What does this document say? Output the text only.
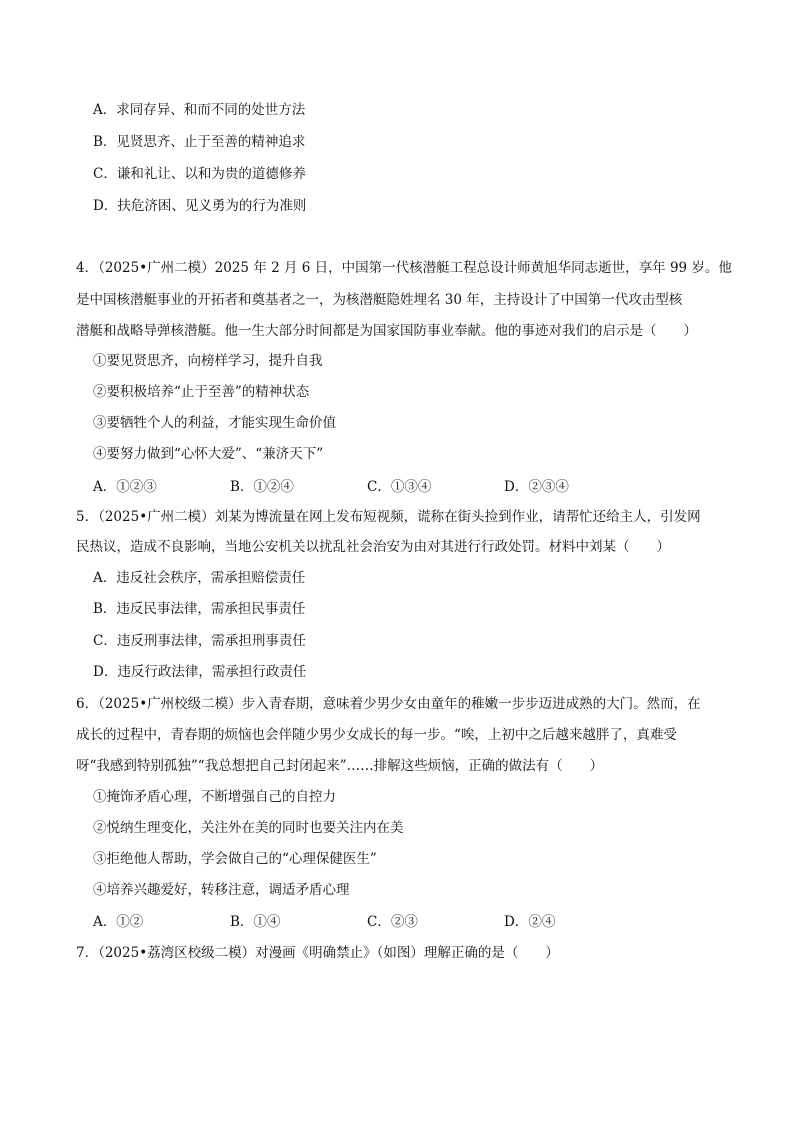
A．求同存异、和而不同的处世方法
B．见贤思齐、止于至善的精神追求
C．谦和礼让、以和为贵的道德修养
D．扶危济困、见义勇为的行为准则
4．（2025•广州二模）2025 年 2 月 6 日，中国第一代核潜艇工程总设计师黄旭华同志逝世，享年 99 岁。他
是中国核潜艇事业的开拓者和奠基者之一，为核潜艇隐姓埋名 30 年，主持设计了中国第一代攻击型核
潜艇和战略导弹核潜艇。他一生大部分时间都是为国家国防事业奉献。他的事迹对我们的启示是（　　）
①要见贤思齐，向榜样学习，提升自我
②要积极培养“止于至善”的精神状态
③要牺牲个人的利益，才能实现生命价值
④要努力做到“心怀大爱”、“兼济天下”
A．①②③	B．①②④	C．①③④	D．②③④
5．（2025•广州二模）刘某为博流量在网上发布短视频，谎称在街头捡到作业，请帮忙还给主人，引发网
民热议，造成不良影响，当地公安机关以扰乱社会治安为由对其进行行政处罚。材料中刘某（　　）
A．违反社会秩序，需承担赔偿责任
B．违反民事法律，需承担民事责任
C．违反刑事法律，需承担刑事责任
D．违反行政法律，需承担行政责任
6．（2025•广州校级二模）步入青春期，意味着少男少女由童年的稚嫩一步步迈进成熟的大门。然而，在
成长的过程中，青春期的烦恼也会伴随少男少女成长的每一步。“唉，上初中之后越来越胖了，真难受
呀“我感到特别孤独”“我总想把自己封闭起来”……排解这些烦恼，正确的做法有（　　）
①掩饰矛盾心理，不断增强自己的自控力
②悦纳生理变化，关注外在美的同时也要关注内在美
③拒绝他人帮助，学会做自己的“心理保健医生”
④培养兴趣爱好，转移注意，调适矛盾心理
A．①②	B．①④	C．②③	D．②④
7．（2025•荔湾区校级二模）对漫画《明确禁止》（如图）理解正确的是（　　）
